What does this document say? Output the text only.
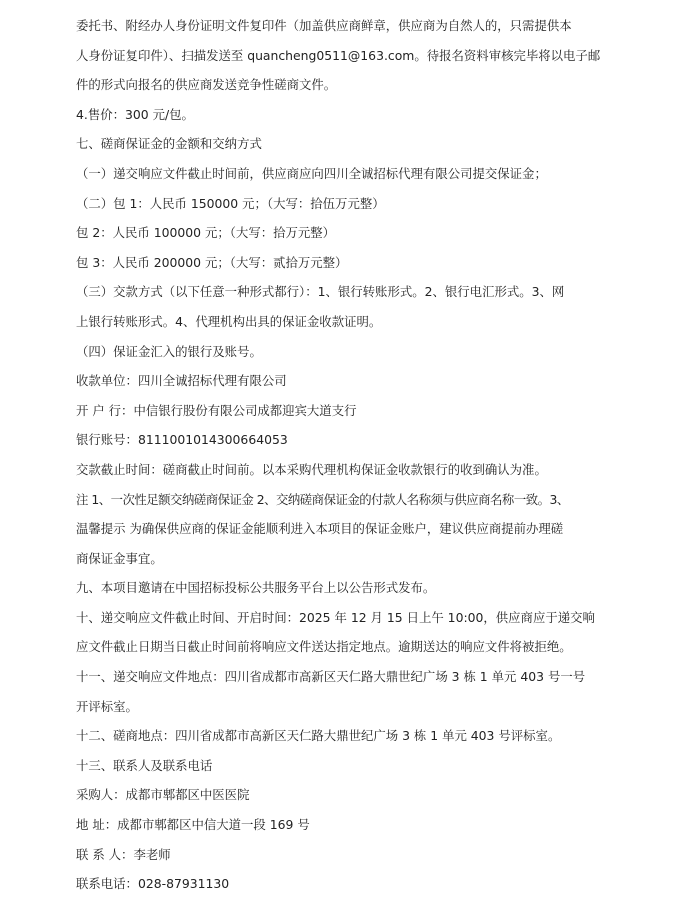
委托书、附经办人身份证明文件复印件（加盖供应商鲜章，供应商为自然人的，只需提供本
人身份证复印件）、扫描发送至 quancheng0511@163.com。待报名资料审核完毕将以电子邮
件的形式向报名的供应商发送竞争性磋商文件。
4.售价：300 元/包。
七、磋商保证金的金额和交纳方式
（一）递交响应文件截止时间前，供应商应向四川全诚招标代理有限公司提交保证金；
（二）包 1：人民币 150000 元；（大写：拾伍万元整）
包 2：人民币 100000 元；（大写：拾万元整）
包 3：人民币 200000 元；（大写：贰拾万元整）
（三）交款方式（以下任意一种形式都行）：1、银行转账形式。2、银行电汇形式。3、网
上银行转账形式。4、代理机构出具的保证金收款证明。
（四）保证金汇入的银行及账号。
收款单位：四川全诚招标代理有限公司
开 户 行：中信银行股份有限公司成都迎宾大道支行
银行账号：8111001014300664053
交款截止时间：磋商截止时间前。以本采购代理机构保证金收款银行的收到确认为准。
注 1、一次性足额交纳磋商保证金 2、交纳磋商保证金的付款人名称须与供应商名称一致。3、
温馨提示 为确保供应商的保证金能顺利进入本项目的保证金账户，建议供应商提前办理磋
商保证金事宜。
九、本项目邀请在中国招标投标公共服务平台上以公告形式发布。
十、递交响应文件截止时间、开启时间：2025 年 12 月 15 日上午 10:00，供应商应于递交响
应文件截止日期当日截止时间前将响应文件送达指定地点。逾期送达的响应文件将被拒绝。
十一、递交响应文件地点：四川省成都市高新区天仁路大鼎世纪广场 3 栋 1 单元 403 号一号
开评标室。
十二、磋商地点：四川省成都市高新区天仁路大鼎世纪广场 3 栋 1 单元 403 号评标室。
十三、联系人及联系电话
采购人：成都市郫都区中医医院
地 址：成都市郫都区中信大道一段 169 号
联 系 人：李老师
联系电话：028-87931130
